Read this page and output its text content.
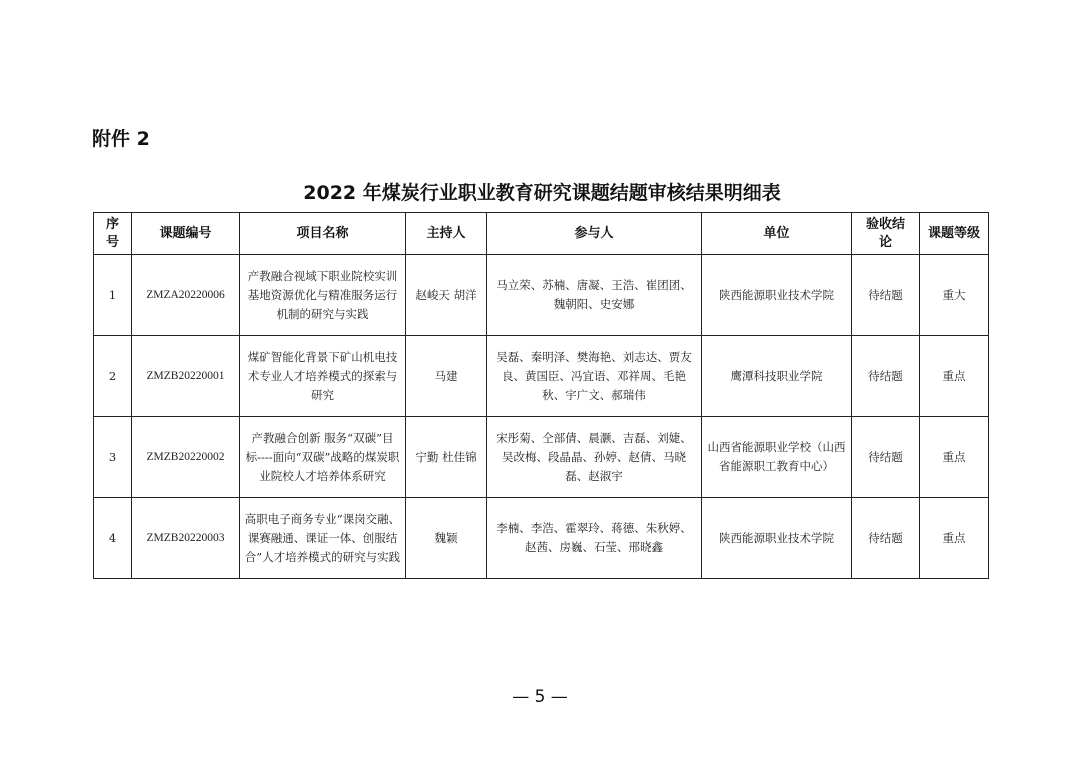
附件 2
2022 年煤炭行业职业教育研究课题结题审核结果明细表
序号	课题编号	项目名称	主持人	参与人	单位	验收结论	课题等级
1	ZMZA20220006	产教融合视域下职业院校实训基地资源优化与精准服务运行机制的研究与实践	赵峻天 胡洋	马立荣、苏楠、唐凝、王浩、崔团团、魏朝阳、史安娜	陕西能源职业技术学院	待结题	重大
2	ZMZB20220001	煤矿智能化背景下矿山机电技术专业人才培养模式的探索与研究	马建	吴磊、秦明泽、樊海艳、刘志达、贾友良、黄国臣、冯宜语、邓祥周、毛艳秋、宇广文、郝瑞伟	鹰潭科技职业学院	待结题	重点
3	ZMZB20220002	产教融合创新 服务“双碳”目标----面向“双碳”战略的煤炭职业院校人才培养体系研究	宁勤 杜佳锦	宋彤菊、仝部倩、晨灏、吉磊、刘婕、吴改梅、段晶晶、孙婷、赵倩、马晓磊、赵淑宇	山西省能源职业学校（山西省能源职工教育中心）	待结题	重点
4	ZMZB20220003	高职电子商务专业“课岗交融、课赛融通、课证一体、创服结合”人才培养模式的研究与实践	魏颖	李楠、李浩、霍翠玲、蒋德、朱秋婷、赵茜、房巍、石莹、邢晓鑫	陕西能源职业技术学院	待结题	重点
— 5 —
